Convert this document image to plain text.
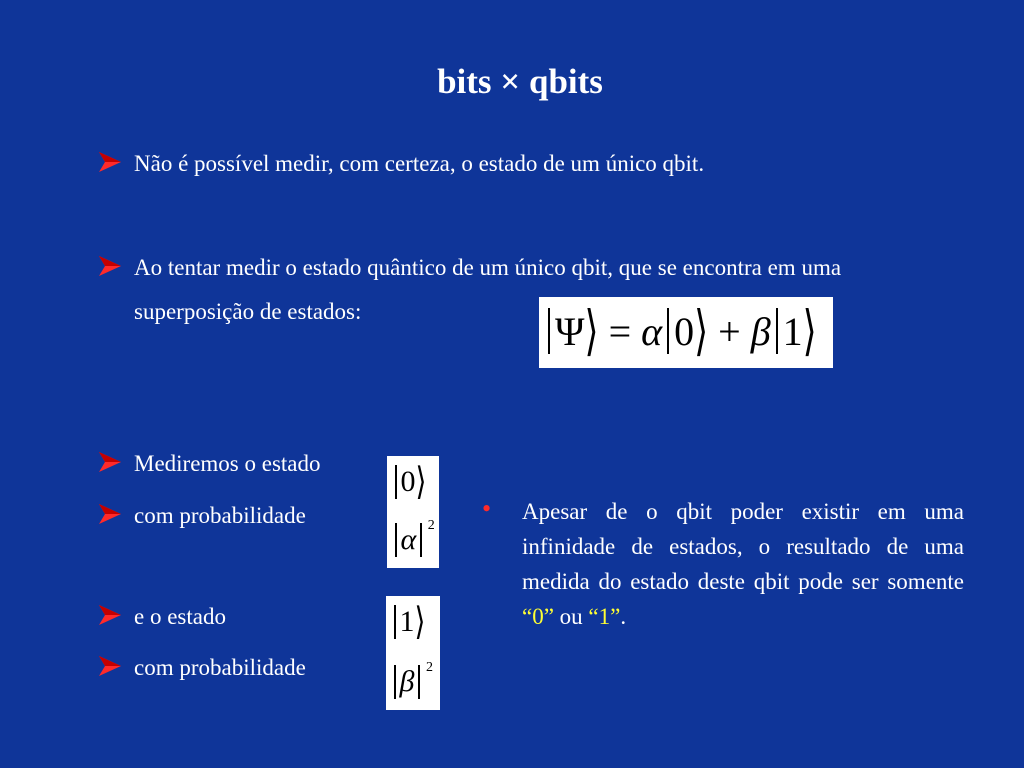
bits × qbits
Não é possível medir, com certeza, o estado de um único qbit.
Ao tentar medir o estado quântico de um único qbit, que se encontra em uma superposição de estados:	Ψ ⟩ = α 0 ⟩ + β 1 ⟩
Mediremos o estado
com probabilidade
0 ⟩
α 2
e o estado
com probabilidade
1 ⟩
β 2
•	Apesar de o qbit poder existir em uma infinidade de estados, o resultado de uma medida do estado deste qbit pode ser somente “0” ou “1”.
